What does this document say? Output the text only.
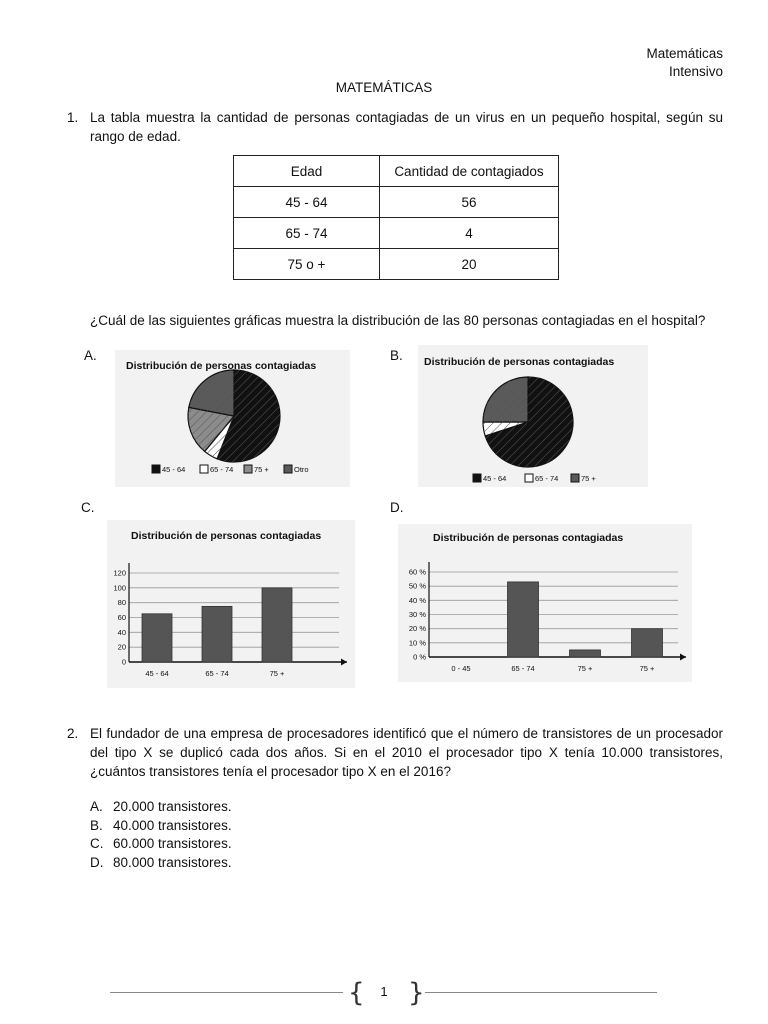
Matemáticas
Intensivo
MATEMÁTICAS
1. La tabla muestra la cantidad de personas contagiadas de un virus en un pequeño hospital, según su rango de edad.
Edad	Cantidad de contagiados
45 - 64	56
65 - 74	4
75 o +	20
¿Cuál de las siguientes gráficas muestra la distribución de las 80 personas contagiadas en el hospital?
A.	B.
C.	D.
Distribución de personas contagiadas
45 - 64	65 - 74	75 +	Otro
Distribución de personas contagiadas
45 - 64	65 - 74	75 +
Distribución de personas contagiadas
0
20
40
60
80
100
120
45 - 64	65 - 74	75 +
Distribución de personas contagiadas
0 %
10 %
20 %
30 %
40 %
50 %
60 %
0 - 45	65 - 74	75 +	75 +
2. El fundador de una empresa de procesadores identificó que el número de transistores de un procesador del tipo X se duplicó cada dos años. Si en el 2010 el procesador tipo X tenía 10.000 transistores, ¿cuántos transistores tenía el procesador tipo X en el 2016?
A. 20.000 transistores.
B. 40.000 transistores.
C. 60.000 transistores.
D. 80.000 transistores.
{ }
1
